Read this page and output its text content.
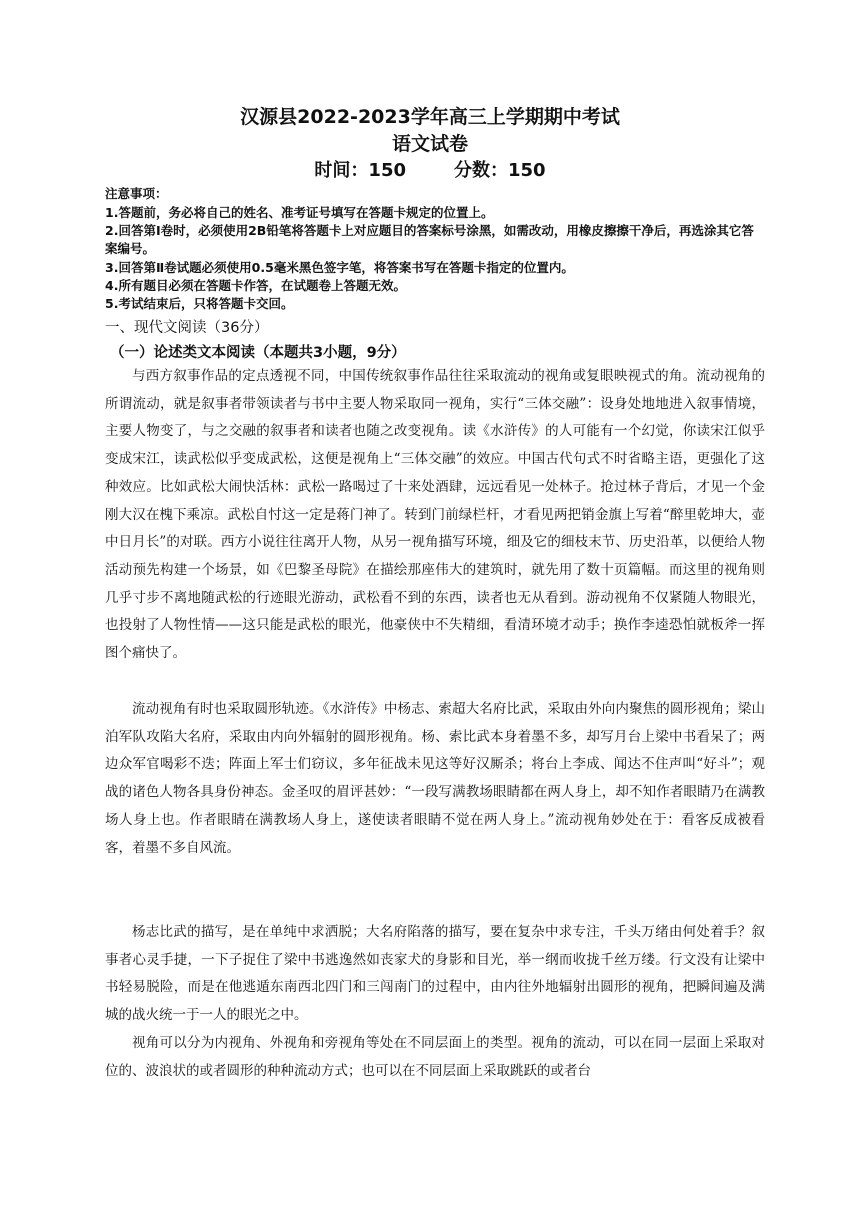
汉源县2022-2023学年高三上学期期中考试
语文试卷
时间：150	分数：150
注意事项：
1.答题前，务必将自己的姓名、准考证号填写在答题卡规定的位置上。
2.回答第Ⅰ卷时，必须使用2B铅笔将答题卡上对应题目的答案标号涂黑，如需改动，用橡皮擦擦干净后，再选涂其它答案编号。
3.回答第Ⅱ卷试题必须使用0.5毫米黑色签字笔，将答案书写在答题卡指定的位置内。
4.所有题目必须在答题卡作答，在试题卷上答题无效。
5.考试结束后，只将答题卡交回。
一、现代文阅读（36分）
（一）论述类文本阅读（本题共3小题，9分）

与西方叙事作品的定点透视不同，中国传统叙事作品往往采取流动的视角或复眼映视式的角。流动视角的所谓流动，就是叙事者带领读者与书中主要人物采取同一视角，实行“三体交融”：设身处地地进入叙事情境，主要人物变了，与之交融的叙事者和读者也随之改变视角。读《水浒传》的人可能有一个幻觉，你读宋江似乎变成宋江，读武松似乎变成武松，这便是视角上“三体交融”的效应。中国古代句式不时省略主语，更强化了这种效应。比如武松大闹快活林：武松一路喝过了十来处酒肆，远远看见一处林子。抢过林子背后，才见一个金刚大汉在槐下乘凉。武松自忖这一定是蒋门神了。转到门前绿栏杆，才看见两把销金旗上写着“醉里乾坤大，壶中日月长”的对联。西方小说往往离开人物，从另一视角描写环境，细及它的细枝末节、历史沿革，以便给人物活动预先构建一个场景，如《巴黎圣母院》在描绘那座伟大的建筑时，就先用了数十页篇幅。而这里的视角则几乎寸步不离地随武松的行迹眼光游动，武松看不到的东西，读者也无从看到。游动视角不仅紧随人物眼光，也投射了人物性情——这只能是武松的眼光，他豪侠中不失精细，看清环境才动手；换作李逵恐怕就板斧一挥图个痛快了。

流动视角有时也采取圆形轨迹。《水浒传》中杨志、索超大名府比武，采取由外向内聚焦的圆形视角；梁山泊军队攻陷大名府，采取由内向外辐射的圆形视角。杨、索比武本身着墨不多，却写月台上梁中书看呆了；两边众军官喝彩不迭；阵面上军士们窃议，多年征战未见这等好汉厮杀；将台上李成、闻达不住声叫“好斗”；观战的诸色人物各具身份神态。金圣叹的眉评甚妙：“一段写满教场眼睛都在两人身上，却不知作者眼睛乃在满教场人身上也。作者眼睛在满教场人身上，遂使读者眼睛不觉在两人身上。”流动视角妙处在于：看客反成被看客，着墨不多自风流。

杨志比武的描写，是在单纯中求洒脱；大名府陷落的描写，要在复杂中求专注，千头万绪由何处着手？叙事者心灵手捷，一下子捉住了梁中书逃逸然如丧家犬的身影和目光，举一纲而收拢千丝万缕。行文没有让梁中书轻易脱险，而是在他逃遁东南西北四门和三闯南门的过程中，由内往外地辐射出圆形的视角，把瞬间遍及满城的战火统一于一人的眼光之中。

视角可以分为内视角、外视角和旁视角等处在不同层面上的类型。视角的流动，可以在同一层面上采取对位的、波浪状的或者圆形的种种流动方式；也可以在不同层面上采取跳跃的或者台
